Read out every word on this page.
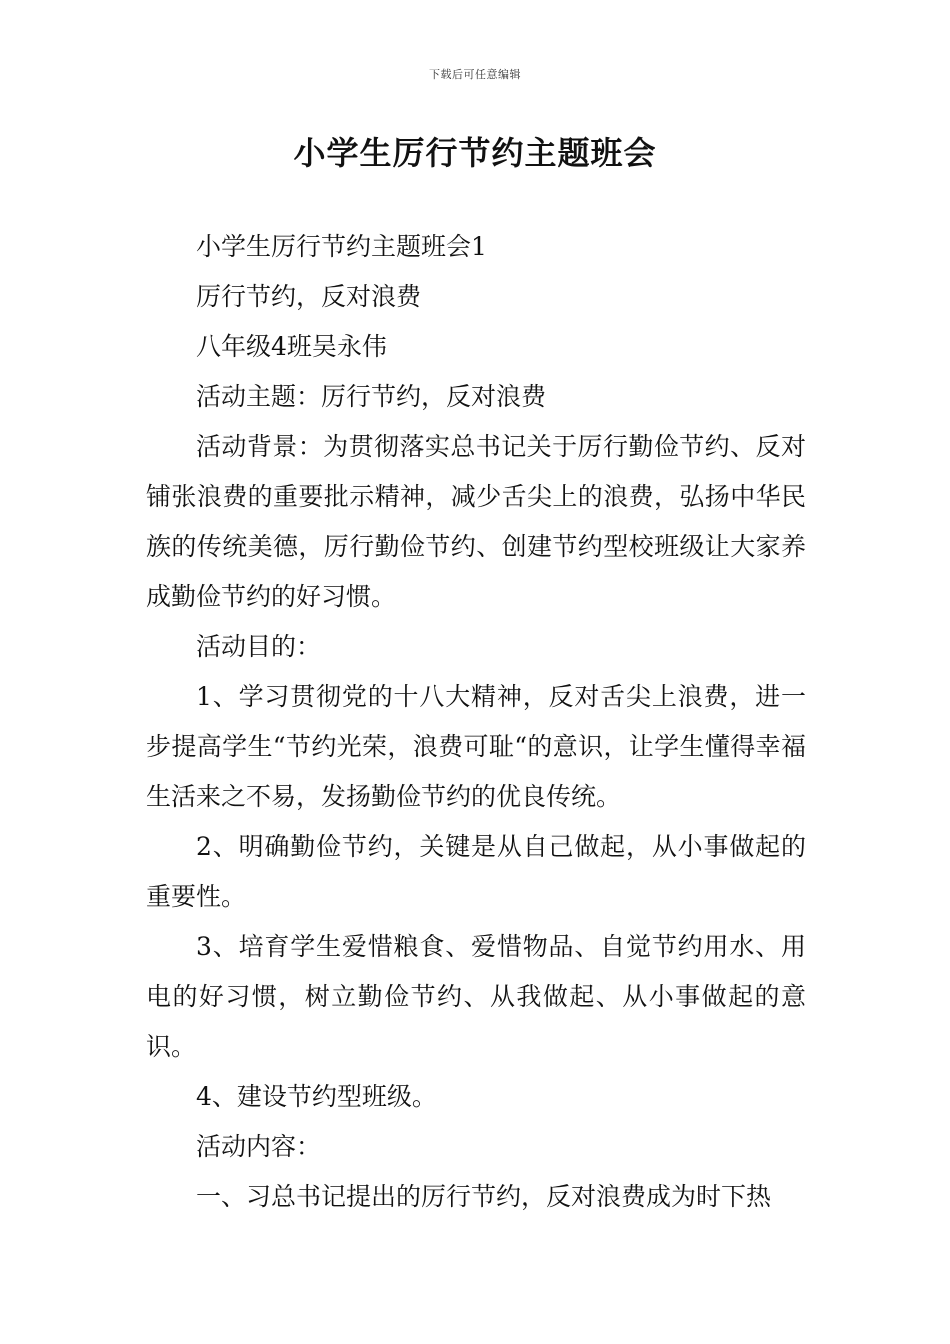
下载后可任意编辑
小学生厉行节约主题班会

小学生厉行节约主题班会1

厉行节约，反对浪费

八年级4班吴永伟

活动主题：厉行节约，反对浪费

活动背景：为贯彻落实总书记关于厉行勤俭节约、反对铺张浪费的重要批示精神，减少舌尖上的浪费，弘扬中华民族的传统美德，厉行勤俭节约、创建节约型校班级让大家养成勤俭节约的好习惯。

活动目的：

1、学习贯彻党的十八大精神，反对舌尖上浪费，进一步提高学生“节约光荣，浪费可耻“的意识，让学生懂得幸福生活来之不易，发扬勤俭节约的优良传统。

2、明确勤俭节约，关键是从自己做起，从小事做起的重要性。

3、培育学生爱惜粮食、爱惜物品、自觉节约用水、用电的好习惯，树立勤俭节约、从我做起、从小事做起的意识。

4、建设节约型班级。

活动内容：

一、习总书记提出的厉行节约，反对浪费成为时下热
